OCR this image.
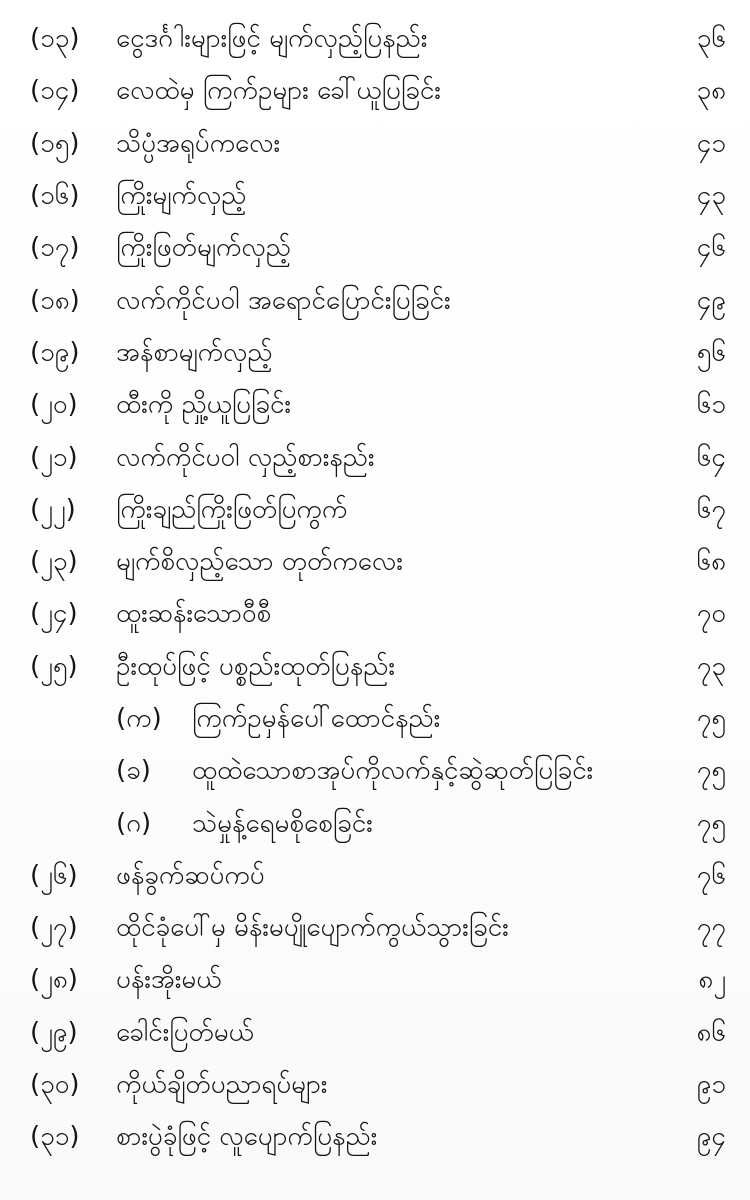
(၁၃) ငွေဒင်္ဂါးများဖြင့် မျက်လှည့်ပြနည်း	၃၆
(၁၄) လေထဲမှ ကြက်ဥများ ခေါ်ယူပြခြင်း	၃၈
(၁၅) သိပ္ပံအရုပ်ကလေး	၄၁
(၁၆) ကြိုးမျက်လှည့်	၄၃
(၁၇) ကြိုးဖြတ်မျက်လှည့်	၄၆
(၁၈) လက်ကိုင်ပဝါ အရောင်ပြောင်းပြခြင်း	၄၉
(၁၉) အန်စာမျက်လှည့်	၅၆
(၂၀) ထီးကို ညှို့ယူပြခြင်း	၆၁
(၂၁) လက်ကိုင်ပဝါ လှည့်စားနည်း	၆၄
(၂၂) ကြိုးချည်ကြိုးဖြတ်ပြကွက်	၆၇
(၂၃) မျက်စိလှည့်သော တုတ်ကလေး	၆၈
(၂၄) ထူးဆန်းသောဝီစီ	၇၀
(၂၅) ဦးထုပ်ဖြင့် ပစ္စည်းထုတ်ပြနည်း	၇၃
(က) ကြက်ဥမှန်ပေါ်ထောင်နည်း	၇၅
(ခ) ထူထဲသောစာအုပ်ကိုလက်နှင့်ဆွဲဆုတ်ပြခြင်း	၇၅
(ဂ) သဲမှုန့်ရေမစိုစေခြင်း	၇၅
(၂၆) ဖန်ခွက်ဆပ်ကပ်	၇၆
(၂၇) ထိုင်ခုံပေါ်မှ မိန်းမပျိုပျောက်ကွယ်သွားခြင်း	၇၇
(၂၈) ပန်းအိုးမယ်	၈၂
(၂၉) ခေါင်းပြတ်မယ်	၈၆
(၃၀) ကိုယ်ချိတ်ပညာရပ်များ	၉၁
(၃၁) စားပွဲခုံဖြင့် လူပျောက်ပြနည်း	၉၄
